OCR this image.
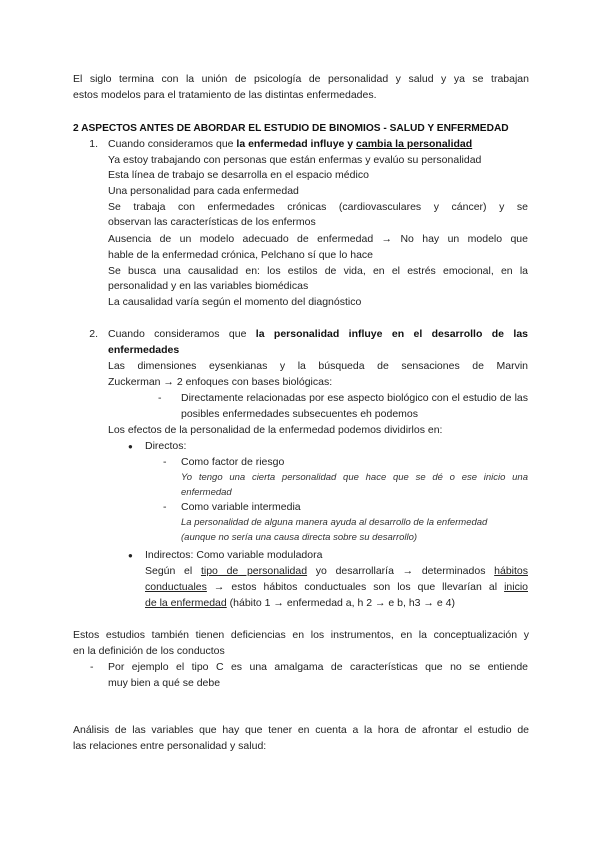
El siglo termina con la unión de psicología de personalidad y salud y ya se trabajan
estos modelos para el tratamiento de las distintas enfermedades.
2 ASPECTOS ANTES DE ABORDAR EL ESTUDIO DE BINOMIOS - SALUD Y ENFERMEDAD
1. Cuando consideramos que la enfermedad influye y cambia la personalidad
Ya estoy trabajando con personas que están enfermas y evalúo su personalidad
Esta línea de trabajo se desarrolla en el espacio médico
Una personalidad para cada enfermedad
Se trabaja con enfermedades crónicas (cardiovasculares y cáncer) y se
observan las características de los enfermos
Ausencia de un modelo adecuado de enfermedad → No hay un modelo que
hable de la enfermedad crónica, Pelchano sí que lo hace
Se busca una causalidad en: los estilos de vida, en el estrés emocional, en la
personalidad y en las variables biomédicas
La causalidad varía según el momento del diagnóstico
2. Cuando consideramos que la personalidad influye en el desarrollo de las
enfermedades
Las dimensiones eysenkianas y la búsqueda de sensaciones de Marvin
Zuckerman → 2 enfoques con bases biológicas:
- Directamente relacionadas por ese aspecto biológico con el estudio de las
posibles enfermedades subsecuentes eh podemos
Los efectos de la personalidad de la enfermedad podemos dividirlos en:
● Directos:
- Como factor de riesgo
Yo tengo una cierta personalidad que hace que se dé o ese inicio una
enfermedad
- Como variable intermedia
La personalidad de alguna manera ayuda al desarrollo de la enfermedad
(aunque no sería una causa directa sobre su desarrollo)
● Indirectos: Como variable moduladora
Según el tipo de personalidad yo desarrollaría → determinados hábitos
conductuales → estos hábitos conductuales son los que llevarían al inicio
de la enfermedad (hábito 1 → enfermedad a, h 2 → e b, h3 → e 4)
Estos estudios también tienen deficiencias en los instrumentos, en la conceptualización y
en la definición de los conductos
- Por ejemplo el tipo C es una amalgama de características que no se entiende
muy bien a qué se debe
Análisis de las variables que hay que tener en cuenta a la hora de afrontar el estudio de
las relaciones entre personalidad y salud:
